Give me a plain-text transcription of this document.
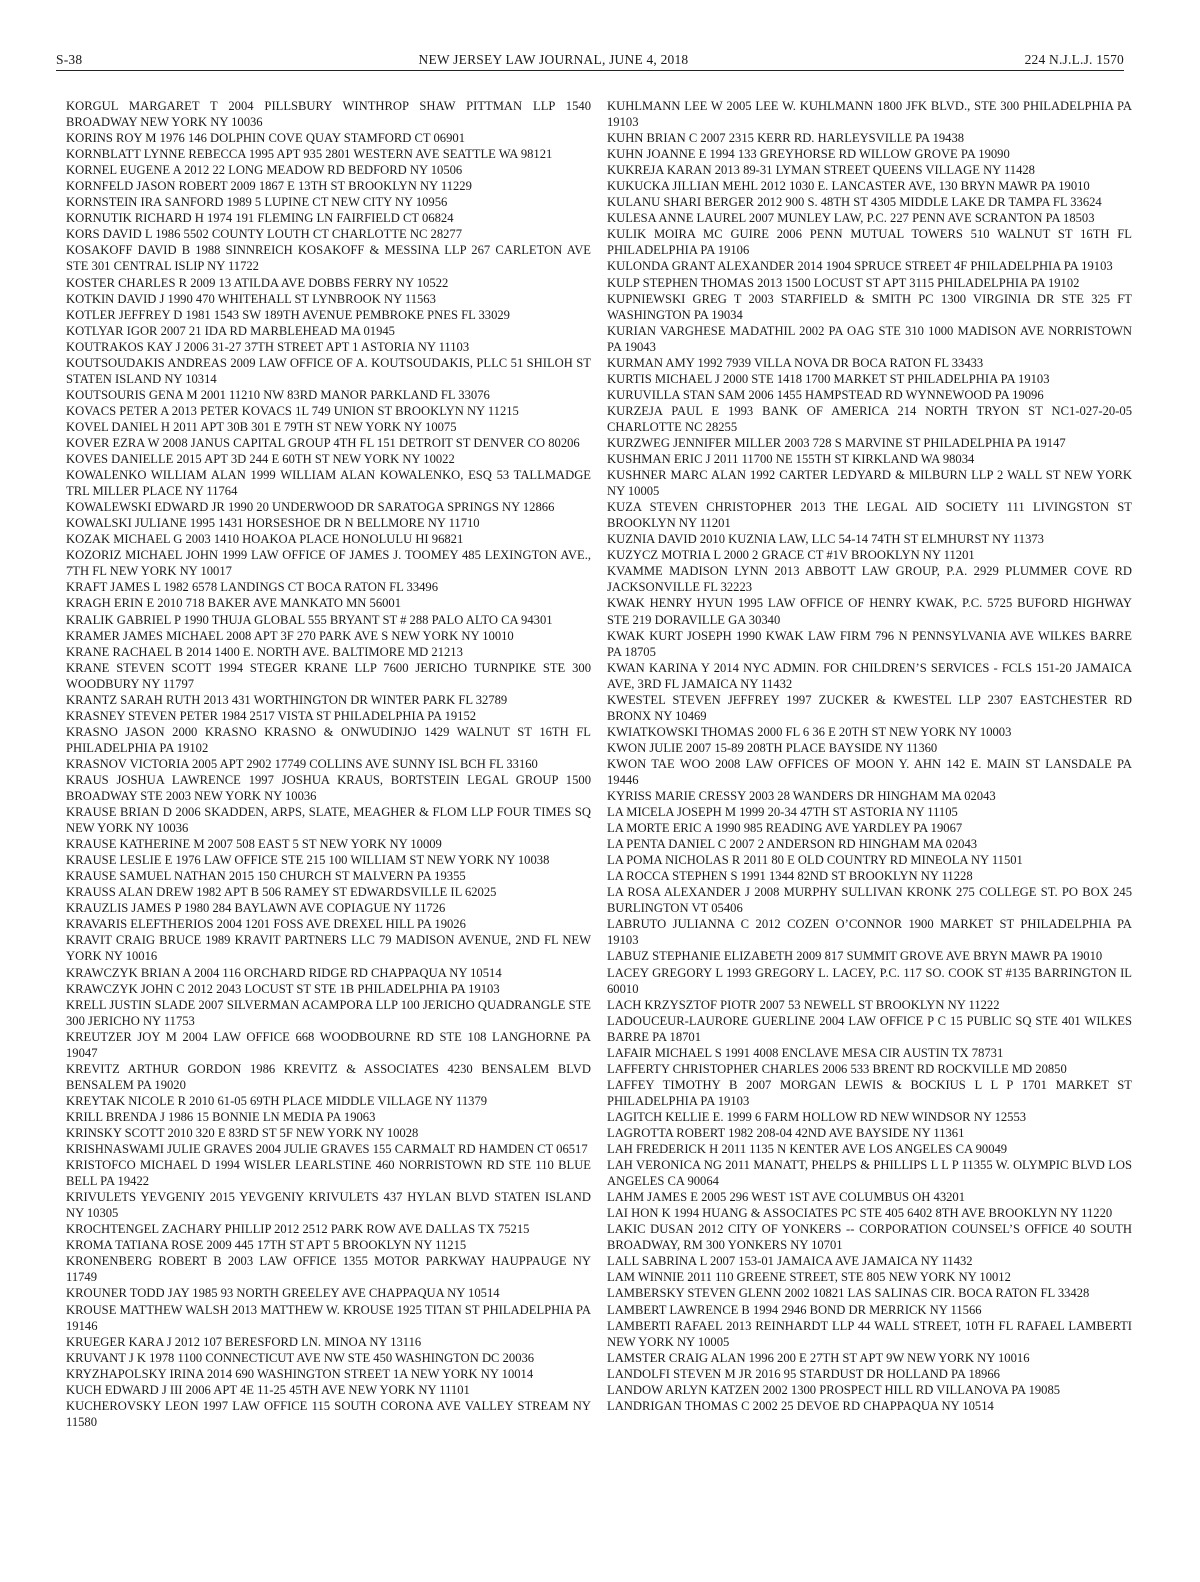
S-38	NEW JERSEY LAW JOURNAL, JUNE 4, 2018	224 N.J.L.J. 1570

KORGUL MARGARET T 2004 PILLSBURY WINTHROP SHAW PITTMAN LLP 1540 BROADWAY NEW YORK NY 10036

KORINS ROY M 1976 146 DOLPHIN COVE QUAY STAMFORD CT 06901

KORNBLATT LYNNE REBECCA 1995 APT 935 2801 WESTERN AVE SEATTLE WA 98121

KORNEL EUGENE A 2012 22 LONG MEADOW RD BEDFORD NY 10506

KORNFELD JASON ROBERT 2009 1867 E 13TH ST BROOKLYN NY 11229

KORNSTEIN IRA SANFORD 1989 5 LUPINE CT NEW CITY NY 10956

KORNUTIK RICHARD H 1974 191 FLEMING LN FAIRFIELD CT 06824

KORS DAVID L 1986 5502 COUNTY LOUTH CT CHARLOTTE NC 28277

KOSAKOFF DAVID B 1988 SINNREICH KOSAKOFF & MESSINA LLP 267 CARLETON AVE STE 301 CENTRAL ISLIP NY 11722

KOSTER CHARLES R 2009 13 ATILDA AVE DOBBS FERRY NY 10522

KOTKIN DAVID J 1990 470 WHITEHALL ST LYNBROOK NY 11563

KOTLER JEFFREY D 1981 1543 SW 189TH AVENUE PEMBROKE PNES FL 33029

KOTLYAR IGOR 2007 21 IDA RD MARBLEHEAD MA 01945

KOUTRAKOS KAY J 2006 31-27 37TH STREET APT 1 ASTORIA NY 11103

KOUTSOUDAKIS ANDREAS 2009 LAW OFFICE OF A. KOUTSOUDAKIS, PLLC 51 SHILOH ST STATEN ISLAND NY 10314

KOUTSOURIS GENA M 2001 11210 NW 83RD MANOR PARKLAND FL 33076

KOVACS PETER A 2013 PETER KOVACS 1L 749 UNION ST BROOKLYN NY 11215

KOVEL DANIEL H 2011 APT 30B 301 E 79TH ST NEW YORK NY 10075

KOVER EZRA W 2008 JANUS CAPITAL GROUP 4TH FL 151 DETROIT ST DENVER CO 80206

KOVES DANIELLE 2015 APT 3D 244 E 60TH ST NEW YORK NY 10022

KOWALENKO WILLIAM ALAN 1999 WILLIAM ALAN KOWALENKO, ESQ 53 TALLMADGE TRL MILLER PLACE NY 11764

KOWALEWSKI EDWARD JR 1990 20 UNDERWOOD DR SARATOGA SPRINGS NY 12866

KOWALSKI JULIANE 1995 1431 HORSESHOE DR N BELLMORE NY 11710

KOZAK MICHAEL G 2003 1410 HOAKOA PLACE HONOLULU HI 96821

KOZORIZ MICHAEL JOHN 1999 LAW OFFICE OF JAMES J. TOOMEY 485 LEXINGTON AVE., 7TH FL NEW YORK NY 10017

KRAFT JAMES L 1982 6578 LANDINGS CT BOCA RATON FL 33496

KRAGH ERIN E 2010 718 BAKER AVE MANKATO MN 56001

KRALIK GABRIEL P 1990 THUJA GLOBAL 555 BRYANT ST # 288 PALO ALTO CA 94301

KRAMER JAMES MICHAEL 2008 APT 3F 270 PARK AVE S NEW YORK NY 10010

KRANE RACHAEL B 2014 1400 E. NORTH AVE. BALTIMORE MD 21213

KRANE STEVEN SCOTT 1994 STEGER KRANE LLP 7600 JERICHO TURNPIKE STE 300 WOODBURY NY 11797

KRANTZ SARAH RUTH 2013 431 WORTHINGTON DR WINTER PARK FL 32789

KRASNEY STEVEN PETER 1984 2517 VISTA ST PHILADELPHIA PA 19152

KRASNO JASON 2000 KRASNO KRASNO & ONWUDINJO 1429 WALNUT ST 16TH FL PHILADELPHIA PA 19102

KRASNOV VICTORIA 2005 APT 2902 17749 COLLINS AVE SUNNY ISL BCH FL 33160

KRAUS JOSHUA LAWRENCE 1997 JOSHUA KRAUS, BORTSTEIN LEGAL GROUP 1500 BROADWAY STE 2003 NEW YORK NY 10036

KRAUSE BRIAN D 2006 SKADDEN, ARPS, SLATE, MEAGHER & FLOM LLP FOUR TIMES SQ NEW YORK NY 10036

KRAUSE KATHERINE M 2007 508 EAST 5 ST NEW YORK NY 10009

KRAUSE LESLIE E 1976 LAW OFFICE STE 215 100 WILLIAM ST NEW YORK NY 10038

KRAUSE SAMUEL NATHAN 2015 150 CHURCH ST MALVERN PA 19355

KRAUSS ALAN DREW 1982 APT B 506 RAMEY ST EDWARDSVILLE IL 62025

KRAUZLIS JAMES P 1980 284 BAYLAWN AVE COPIAGUE NY 11726

KRAVARIS ELEFTHERIOS 2004 1201 FOSS AVE DREXEL HILL PA 19026

KRAVIT CRAIG BRUCE 1989 KRAVIT PARTNERS LLC 79 MADISON AVENUE, 2ND FL NEW YORK NY 10016

KRAWCZYK BRIAN A 2004 116 ORCHARD RIDGE RD CHAPPAQUA NY 10514

KRAWCZYK JOHN C 2012 2043 LOCUST ST STE 1B PHILADELPHIA PA 19103

KRELL JUSTIN SLADE 2007 SILVERMAN ACAMPORA LLP 100 JERICHO QUADRANGLE STE 300 JERICHO NY 11753

KREUTZER JOY M 2004 LAW OFFICE 668 WOODBOURNE RD STE 108 LANGHORNE PA 19047

KREVITZ ARTHUR GORDON 1986 KREVITZ & ASSOCIATES 4230 BENSALEM BLVD BENSALEM PA 19020

KREYTAK NICOLE R 2010 61-05 69TH PLACE MIDDLE VILLAGE NY 11379

KRILL BRENDA J 1986 15 BONNIE LN MEDIA PA 19063

KRINSKY SCOTT 2010 320 E 83RD ST 5F NEW YORK NY 10028

KRISHNASWAMI JULIE GRAVES 2004 JULIE GRAVES 155 CARMALT RD HAMDEN CT 06517

KRISTOFCO MICHAEL D 1994 WISLER LEARLSTINE 460 NORRISTOWN RD STE 110 BLUE BELL PA 19422

KRIVULETS YEVGENIY 2015 YEVGENIY KRIVULETS 437 HYLAN BLVD STATEN ISLAND NY 10305

KROCHTENGEL ZACHARY PHILLIP 2012 2512 PARK ROW AVE DALLAS TX 75215

KROMA TATIANA ROSE 2009 445 17TH ST APT 5 BROOKLYN NY 11215

KRONENBERG ROBERT B 2003 LAW OFFICE 1355 MOTOR PARKWAY HAUPPAUGE NY 11749

KROUNER TODD JAY 1985 93 NORTH GREELEY AVE CHAPPAQUA NY 10514

KROUSE MATTHEW WALSH 2013 MATTHEW W. KROUSE 1925 TITAN ST PHILADELPHIA PA 19146

KRUEGER KARA J 2012 107 BERESFORD LN. MINOA NY 13116

KRUVANT J K 1978 1100 CONNECTICUT AVE NW STE 450 WASHINGTON DC 20036

KRYZHAPOLSKY IRINA 2014 690 WASHINGTON STREET 1A NEW YORK NY 10014

KUCH EDWARD J III 2006 APT 4E 11-25 45TH AVE NEW YORK NY 11101

KUCHEROVSKY LEON 1997 LAW OFFICE 115 SOUTH CORONA AVE VALLEY STREAM NY 11580

KUHLMANN LEE W 2005 LEE W. KUHLMANN 1800 JFK BLVD., STE 300 PHILADELPHIA PA 19103

KUHN BRIAN C 2007 2315 KERR RD. HARLEYSVILLE PA 19438

KUHN JOANNE E 1994 133 GREYHORSE RD WILLOW GROVE PA 19090

KUKREJA KARAN 2013 89-31 LYMAN STREET QUEENS VILLAGE NY 11428

KUKUCKA JILLIAN MEHL 2012 1030 E. LANCASTER AVE, 130 BRYN MAWR PA 19010

KULANU SHARI BERGER 2012 900 S. 48TH ST 4305 MIDDLE LAKE DR TAMPA FL 33624

KULESA ANNE LAUREL 2007 MUNLEY LAW, P.C. 227 PENN AVE SCRANTON PA 18503

KULIK MOIRA MC GUIRE 2006 PENN MUTUAL TOWERS 510 WALNUT ST 16TH FL PHILADELPHIA PA 19106

KULONDA GRANT ALEXANDER 2014 1904 SPRUCE STREET 4F PHILADELPHIA PA 19103

KULP STEPHEN THOMAS 2013 1500 LOCUST ST APT 3115 PHILADELPHIA PA 19102

KUPNIEWSKI GREG T 2003 STARFIELD & SMITH PC 1300 VIRGINIA DR STE 325 FT WASHINGTON PA 19034

KURIAN VARGHESE MADATHIL 2002 PA OAG STE 310 1000 MADISON AVE NORRISTOWN PA 19043

KURMAN AMY 1992 7939 VILLA NOVA DR BOCA RATON FL 33433

KURTIS MICHAEL J 2000 STE 1418 1700 MARKET ST PHILADELPHIA PA 19103

KURUVILLA STAN SAM 2006 1455 HAMPSTEAD RD WYNNEWOOD PA 19096

KURZEJA PAUL E 1993 BANK OF AMERICA 214 NORTH TRYON ST NC1-027-20-05 CHARLOTTE NC 28255

KURZWEG JENNIFER MILLER 2003 728 S MARVINE ST PHILADELPHIA PA 19147

KUSHMAN ERIC J 2011 11700 NE 155TH ST KIRKLAND WA 98034

KUSHNER MARC ALAN 1992 CARTER LEDYARD & MILBURN LLP 2 WALL ST NEW YORK NY 10005

KUZA STEVEN CHRISTOPHER 2013 THE LEGAL AID SOCIETY 111 LIVINGSTON ST BROOKLYN NY 11201

KUZNIA DAVID 2010 KUZNIA LAW, LLC 54-14 74TH ST ELMHURST NY 11373

KUZYCZ MOTRIA L 2000 2 GRACE CT #1V BROOKLYN NY 11201

KVAMME MADISON LYNN 2013 ABBOTT LAW GROUP, P.A. 2929 PLUMMER COVE RD JACKSONVILLE FL 32223

KWAK HENRY HYUN 1995 LAW OFFICE OF HENRY KWAK, P.C. 5725 BUFORD HIGHWAY STE 219 DORAVILLE GA 30340

KWAK KURT JOSEPH 1990 KWAK LAW FIRM 796 N PENNSYLVANIA AVE WILKES BARRE PA 18705

KWAN KARINA Y 2014 NYC ADMIN. FOR CHILDREN’S SERVICES - FCLS 151-20 JAMAICA AVE, 3RD FL JAMAICA NY 11432

KWESTEL STEVEN JEFFREY 1997 ZUCKER & KWESTEL LLP 2307 EASTCHESTER RD BRONX NY 10469

KWIATKOWSKI THOMAS 2000 FL 6 36 E 20TH ST NEW YORK NY 10003

KWON JULIE 2007 15-89 208TH PLACE BAYSIDE NY 11360

KWON TAE WOO 2008 LAW OFFICES OF MOON Y. AHN 142 E. MAIN ST LANSDALE PA 19446

KYRISS MARIE CRESSY 2003 28 WANDERS DR HINGHAM MA 02043

LA MICELA JOSEPH M 1999 20-34 47TH ST ASTORIA NY 11105

LA MORTE ERIC A 1990 985 READING AVE YARDLEY PA 19067

LA PENTA DANIEL C 2007 2 ANDERSON RD HINGHAM MA 02043

LA POMA NICHOLAS R 2011 80 E OLD COUNTRY RD MINEOLA NY 11501

LA ROCCA STEPHEN S 1991 1344 82ND ST BROOKLYN NY 11228

LA ROSA ALEXANDER J 2008 MURPHY SULLIVAN KRONK 275 COLLEGE ST. PO BOX 245 BURLINGTON VT 05406

LABRUTO JULIANNA C 2012 COZEN O’CONNOR 1900 MARKET ST PHILADELPHIA PA 19103

LABUZ STEPHANIE ELIZABETH 2009 817 SUMMIT GROVE AVE BRYN MAWR PA 19010

LACEY GREGORY L 1993 GREGORY L. LACEY, P.C. 117 SO. COOK ST #135 BARRINGTON IL 60010

LACH KRZYSZTOF PIOTR 2007 53 NEWELL ST BROOKLYN NY 11222

LADOUCEUR-LAURORE GUERLINE 2004 LAW OFFICE P C 15 PUBLIC SQ STE 401 WILKES BARRE PA 18701

LAFAIR MICHAEL S 1991 4008 ENCLAVE MESA CIR AUSTIN TX 78731

LAFFERTY CHRISTOPHER CHARLES 2006 533 BRENT RD ROCKVILLE MD 20850

LAFFEY TIMOTHY B 2007 MORGAN LEWIS & BOCKIUS L L P 1701 MARKET ST PHILADELPHIA PA 19103

LAGITCH KELLIE E. 1999 6 FARM HOLLOW RD NEW WINDSOR NY 12553

LAGROTTA ROBERT 1982 208-04 42ND AVE BAYSIDE NY 11361

LAH FREDERICK H 2011 1135 N KENTER AVE LOS ANGELES CA 90049

LAH VERONICA NG 2011 MANATT, PHELPS & PHILLIPS L L P 11355 W. OLYMPIC BLVD LOS ANGELES CA 90064

LAHM JAMES E 2005 296 WEST 1ST AVE COLUMBUS OH 43201

LAI HON K 1994 HUANG & ASSOCIATES PC STE 405 6402 8TH AVE BROOKLYN NY 11220

LAKIC DUSAN 2012 CITY OF YONKERS -- CORPORATION COUNSEL’S OFFICE 40 SOUTH BROADWAY, RM 300 YONKERS NY 10701

LALL SABRINA L 2007 153-01 JAMAICA AVE JAMAICA NY 11432

LAM WINNIE 2011 110 GREENE STREET, STE 805 NEW YORK NY 10012

LAMBERSKY STEVEN GLENN 2002 10821 LAS SALINAS CIR. BOCA RATON FL 33428

LAMBERT LAWRENCE B 1994 2946 BOND DR MERRICK NY 11566

LAMBERTI RAFAEL 2013 REINHARDT LLP 44 WALL STREET, 10TH FL RAFAEL LAMBERTI NEW YORK NY 10005

LAMSTER CRAIG ALAN 1996 200 E 27TH ST APT 9W NEW YORK NY 10016

LANDOLFI STEVEN M JR 2016 95 STARDUST DR HOLLAND PA 18966

LANDOW ARLYN KATZEN 2002 1300 PROSPECT HILL RD VILLANOVA PA 19085

LANDRIGAN THOMAS C 2002 25 DEVOE RD CHAPPAQUA NY 10514
